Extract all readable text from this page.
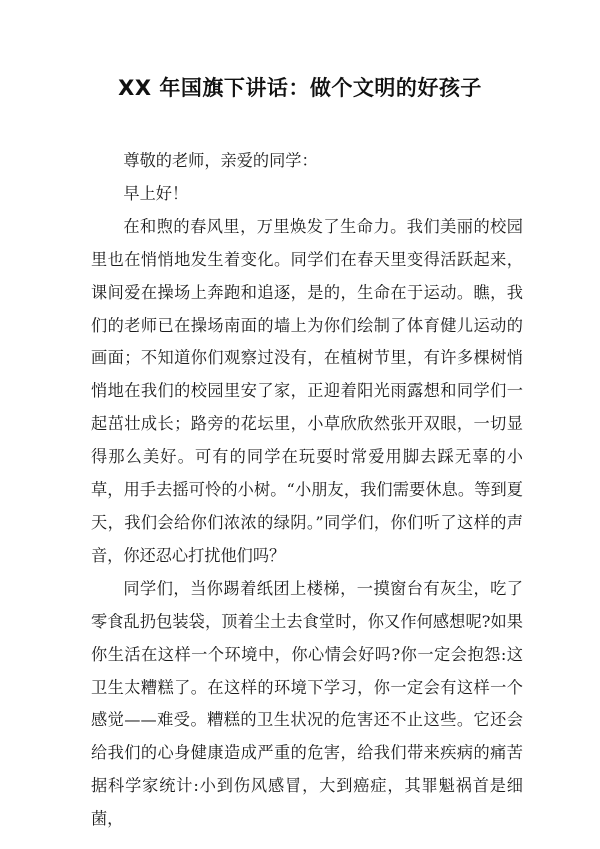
XX 年国旗下讲话：做个文明的好孩子

尊敬的老师，亲爱的同学：

早上好！

在和煦的春风里，万里焕发了生命力。我们美丽的校园里也在悄悄地发生着变化。同学们在春天里变得活跃起来，课间爱在操场上奔跑和追逐，是的，生命在于运动。瞧，我们的老师已在操场南面的墙上为你们绘制了体育健儿运动的画面；不知道你们观察过没有，在植树节里，有许多棵树悄悄地在我们的校园里安了家，正迎着阳光雨露想和同学们一起茁壮成长；路旁的花坛里，小草欣欣然张开双眼，一切显得那么美好。可有的同学在玩耍时常爱用脚去踩无辜的小草，用手去摇可怜的小树。“小朋友，我们需要休息。等到夏天，我们会给你们浓浓的绿阴。”同学们，你们听了这样的声音，你还忍心打扰他们吗？

同学们，当你踢着纸团上楼梯，一摸窗台有灰尘，吃了零食乱扔包装袋，顶着尘土去食堂时，你又作何感想呢?如果你生活在这样一个环境中，你心情会好吗?你一定会抱怨:这卫生太糟糕了。在这样的环境下学习，你一定会有这样一个感觉——难受。糟糕的卫生状况的危害还不止这些。它还会给我们的心身健康造成严重的危害，给我们带来疾病的痛苦据科学家统计:小到伤风感冒，大到癌症，其罪魁祸首是细菌，
